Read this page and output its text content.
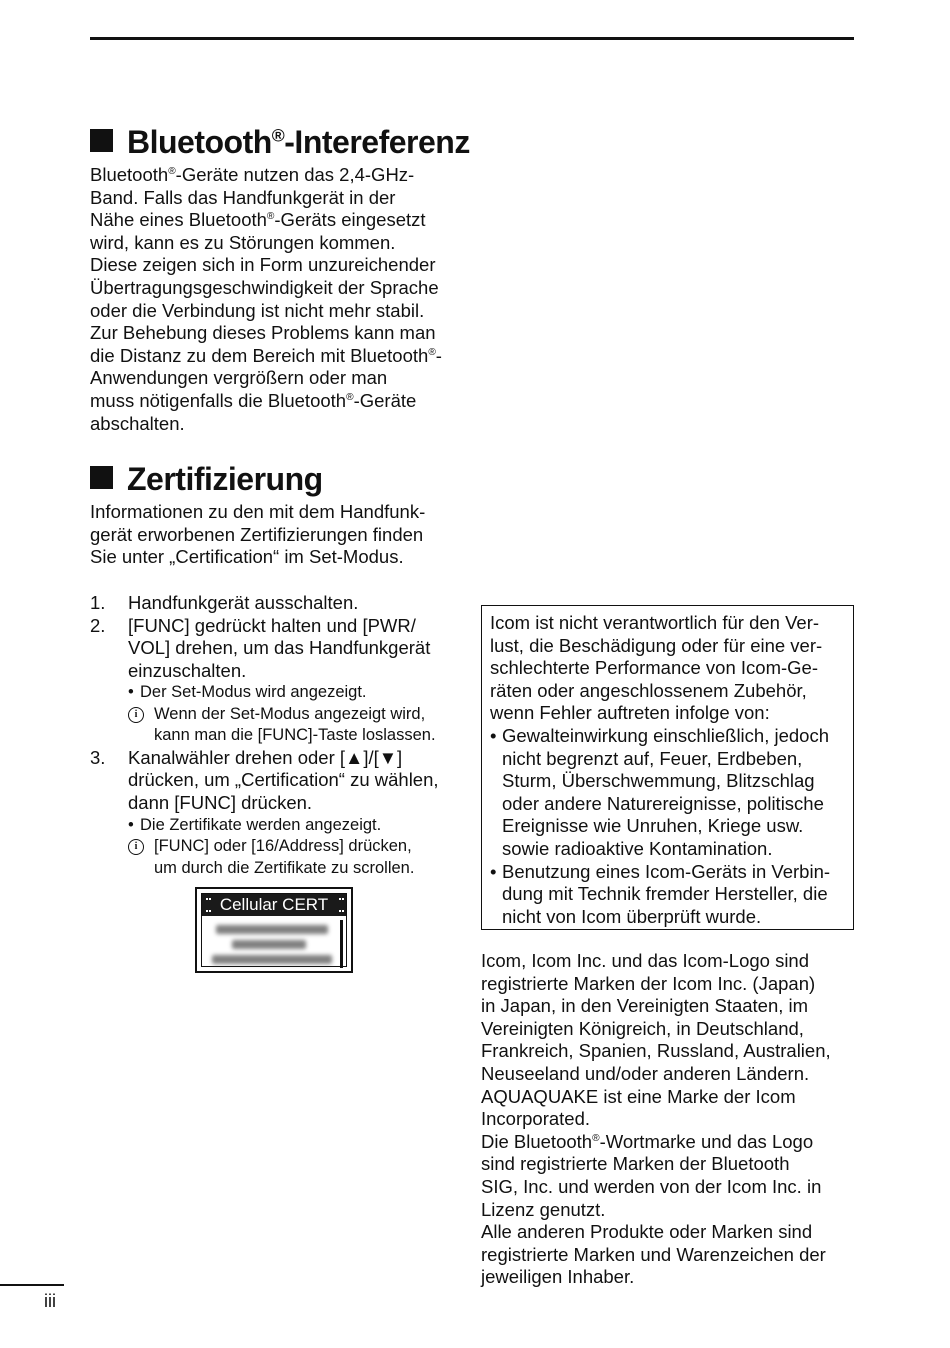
Bluetooth®-Intereferenz
Bluetooth®-Geräte nutzen das 2,4-GHz-
Band. Falls das Handfunkgerät in der
Nähe eines Bluetooth®-Geräts eingesetzt
wird, kann es zu Störungen kommen.
Diese zeigen sich in Form unzureichender
Übertragungsgeschwindigkeit der Sprache
oder die Verbindung ist nicht mehr stabil.
Zur Behebung dieses Problems kann man
die Distanz zu dem Bereich mit Bluetooth®-
Anwendungen vergrößern oder man
muss nötigenfalls die Bluetooth®-Geräte
abschalten.
Zertifizierung
Informationen zu den mit dem Handfunk-
gerät erworbenen Zertifizierungen finden
Sie unter „Certification“ im Set-Modus.
1. Handfunkgerät ausschalten.
2. [FUNC] gedrückt halten und [PWR/
VOL] drehen, um das Handfunkgerät
einzuschalten.
• Der Set-Modus wird angezeigt.
i	Wenn der Set-Modus angezeigt wird,
kann man die [FUNC]-Taste loslassen.
3. Kanalwähler drehen oder [▲]/[▼]
drücken, um „Certification“ zu wählen,
dann [FUNC] drücken.
• Die Zertifikate werden angezeigt.
i	[FUNC] oder [16/Address] drücken,
um durch die Zertifikate zu scrollen.
Cellular CERT
Icom ist nicht verantwortlich für den Ver-
lust, die Beschädigung oder für eine ver-
schlechterte Performance von Icom-Ge-
räten oder angeschlossenem Zubehör,
wenn Fehler auftreten infolge von:
• Gewalteinwirkung einschließlich, jedoch
nicht begrenzt auf, Feuer, Erdbeben,
Sturm, Überschwemmung, Blitzschlag
oder andere Naturereignisse, politische
Ereignisse wie Unruhen, Kriege usw.
sowie radioaktive Kontamination.
• Benutzung eines Icom-Geräts in Verbin-
dung mit Technik fremder Hersteller, die
nicht von Icom überprüft wurde.
Icom, Icom Inc. und das Icom-Logo sind
registrierte Marken der Icom Inc. (Japan)
in Japan, in den Vereinigten Staaten, im
Vereinigten Königreich, in Deutschland,
Frankreich, Spanien, Russland, Australien,
Neuseeland und/oder anderen Ländern.
AQUAQUAKE ist eine Marke der Icom
Incorporated.
Die Bluetooth®-Wortmarke und das Logo
sind registrierte Marken der Bluetooth
SIG, Inc. und werden von der Icom Inc. in
Lizenz genutzt.
Alle anderen Produkte oder Marken sind
registrierte Marken und Warenzeichen der
jeweiligen Inhaber.
iii
